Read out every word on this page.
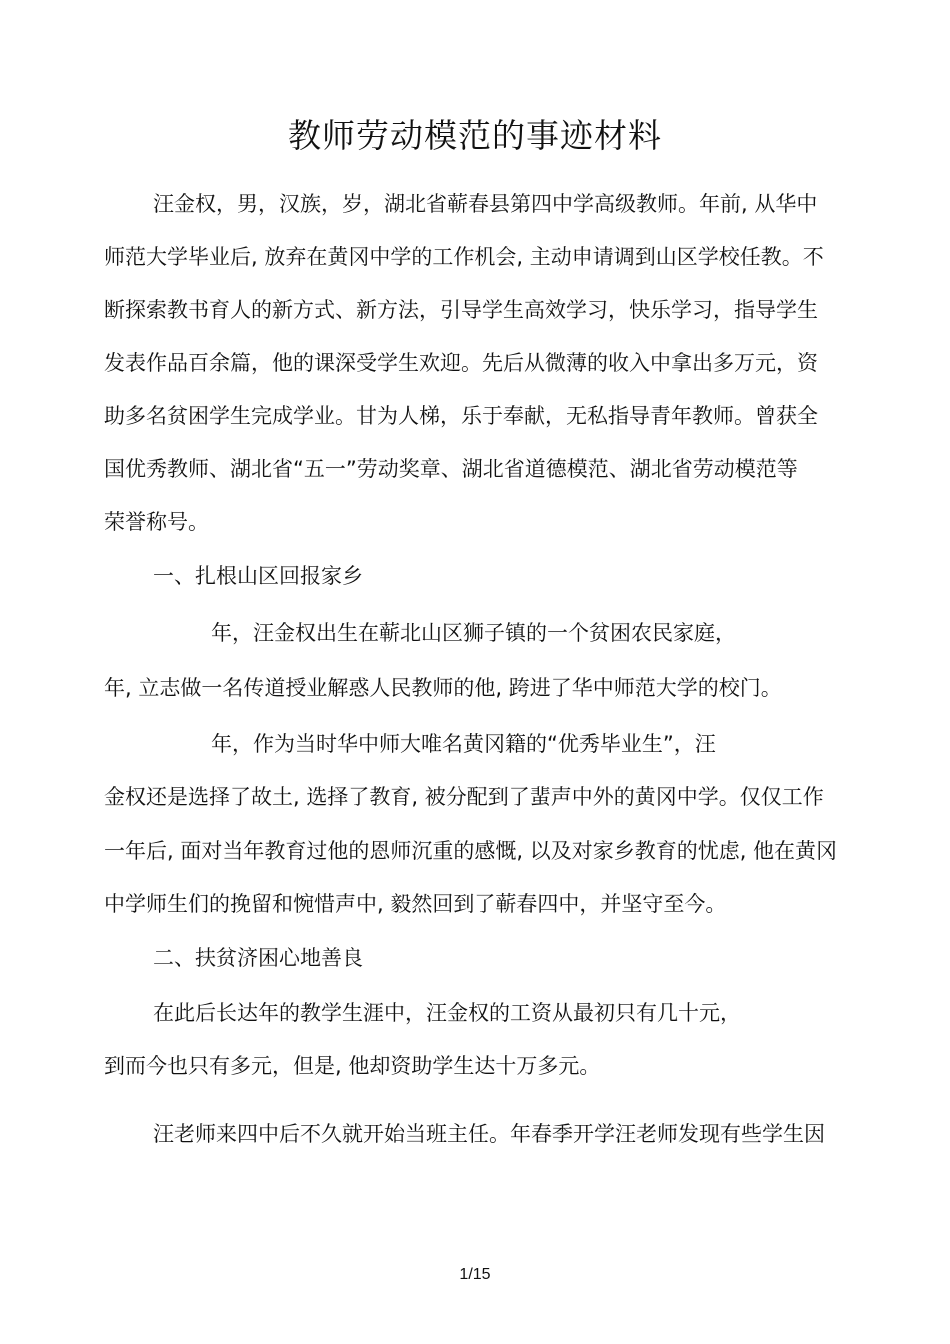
教师劳动模范的事迹材料
汪金权，男，汉族，岁，湖北省蕲春县第四中学高级教师。年前, 从华中
师范大学毕业后, 放弃在黄冈中学的工作机会, 主动申请调到山区学校任教。不
断探索教书育人的新方式、新方法，引导学生高效学习，快乐学习，指导学生
发表作品百余篇，他的课深受学生欢迎。先后从微薄的收入中拿出多万元，资
助多名贫困学生完成学业。甘为人梯，乐于奉献，无私指导青年教师。曾获全
国优秀教师、湖北省“五一”劳动奖章、湖北省道德模范、湖北省劳动模范等
荣誉称号。
一、扎根山区回报家乡
年，汪金权出生在蕲北山区狮子镇的一个贫困农民家庭，
年, 立志做一名传道授业解惑人民教师的他, 跨进了华中师范大学的校门。
年，作为当时华中师大唯名黄冈籍的“优秀毕业生”，汪
金权还是选择了故土, 选择了教育, 被分配到了蜚声中外的黄冈中学。仅仅工作
一年后, 面对当年教育过他的恩师沉重的感慨, 以及对家乡教育的忧虑, 他在黄冈
中学师生们的挽留和惋惜声中, 毅然回到了蕲春四中，并坚守至今。
二、扶贫济困心地善良
在此后长达年的教学生涯中，汪金权的工资从最初只有几十元，
到而今也只有多元，但是, 他却资助学生达十万多元。
汪老师来四中后不久就开始当班主任。年春季开学汪老师发现有些学生因
1/15
